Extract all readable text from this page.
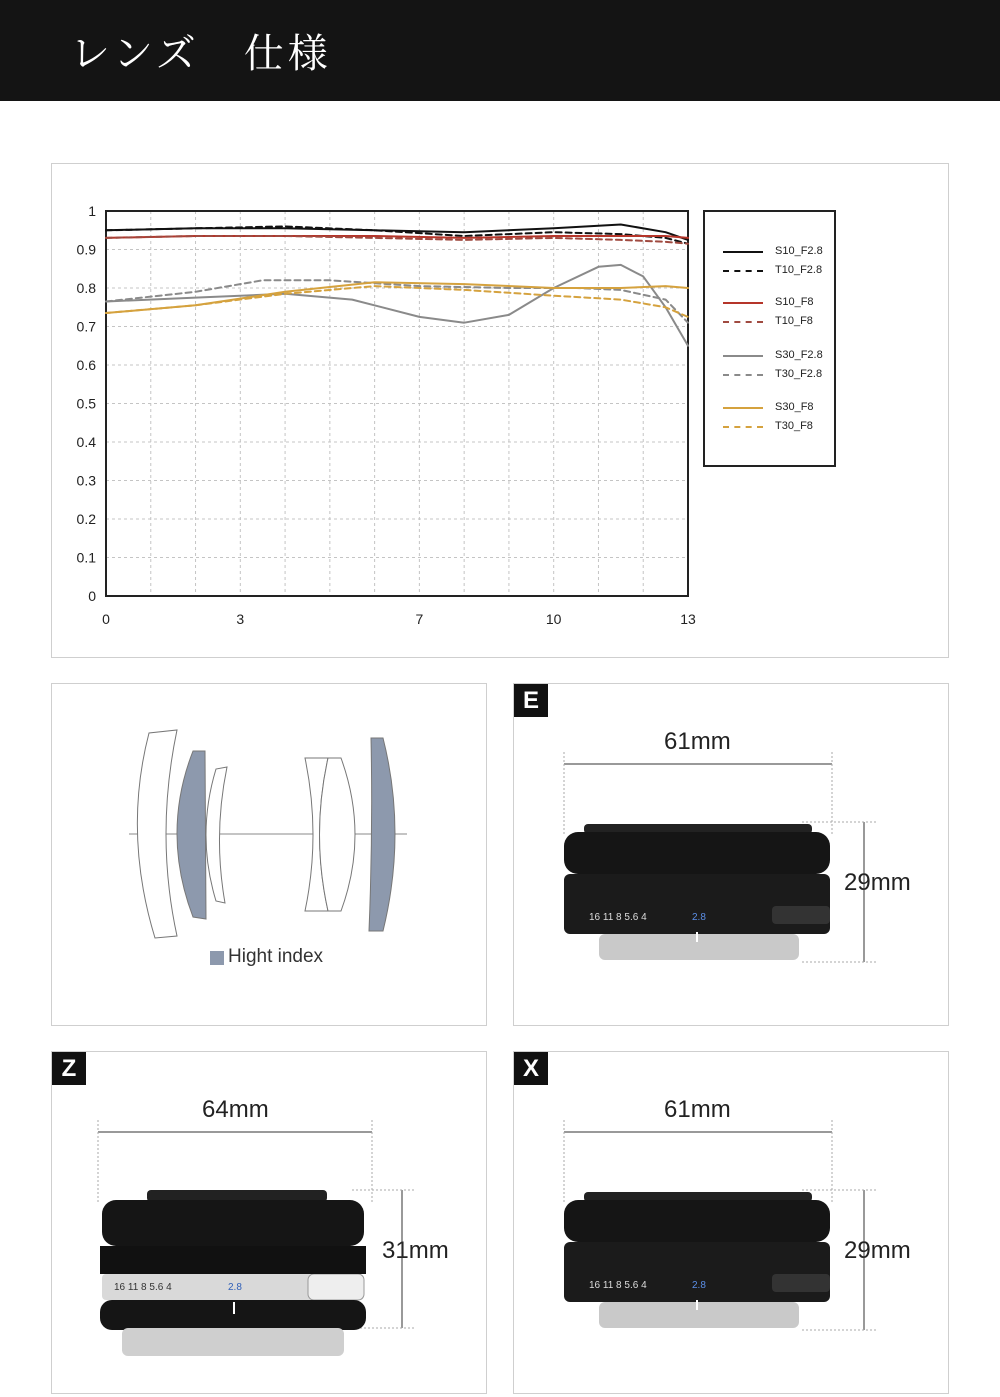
レンズ　仕様
0
0.1
0.2
0.3
0.4
0.5
0.6
0.7
0.8
0.9
1
0	3	7	10	13
S10_F2.8
T10_F2.8
S10_F8
T10_F8
S30_F2.8
T30_F2.8
S30_F8
T30_F8
Hight index
E
61mm
29mm
16 11 8 5.6 4	2.8
Z
64mm
31mm
16 11 8 5.6 4	2.8
X
61mm
29mm
16 11 8 5.6 4	2.8
